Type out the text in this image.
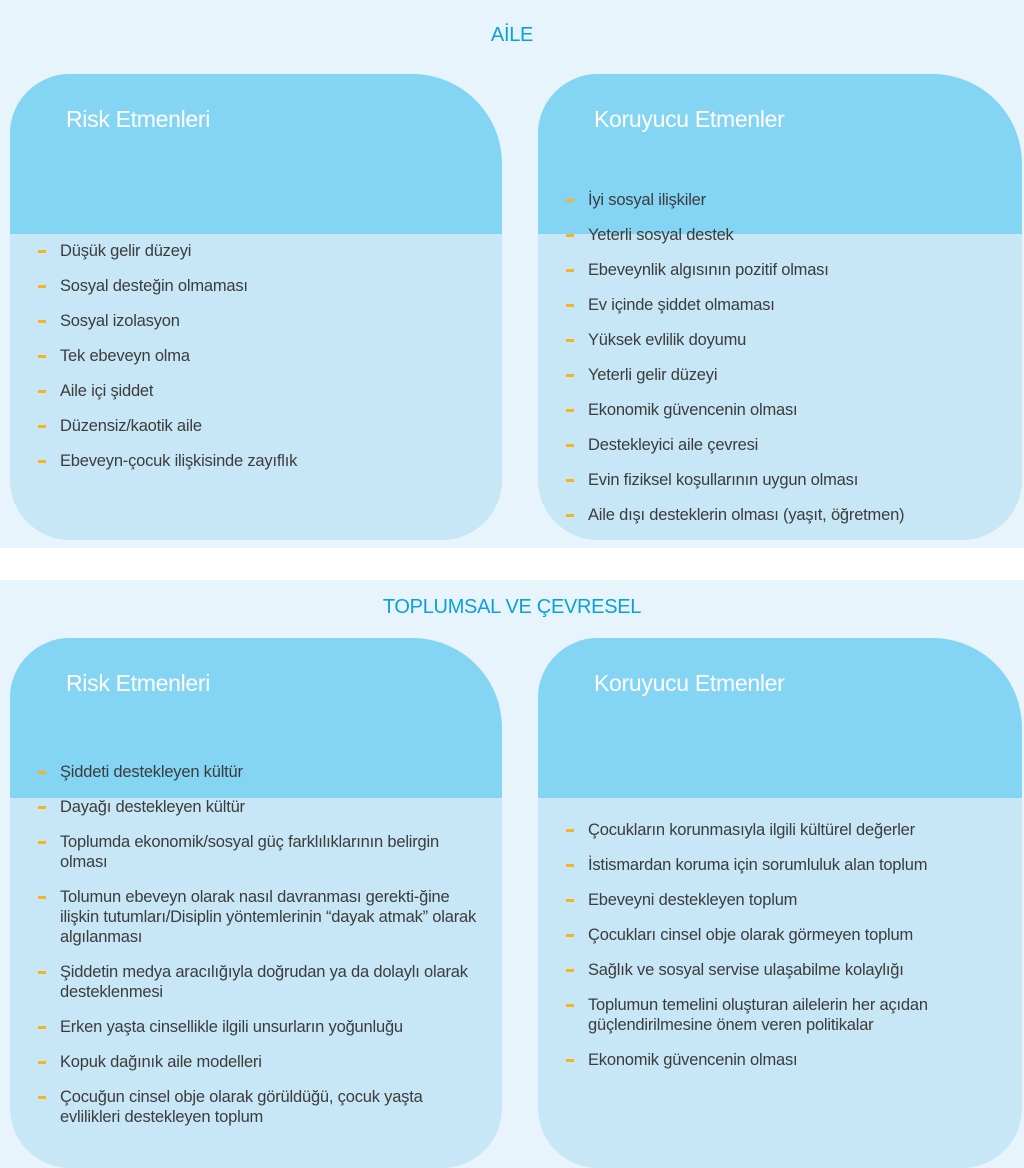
AİLE
Risk Etmenleri
Düşük gelir düzeyi
Sosyal desteğin olmaması
Sosyal izolasyon
Tek ebeveyn olma
Aile içi şiddet
Düzensiz/kaotik aile
Ebeveyn-çocuk ilişkisinde zayıflık
Koruyucu Etmenler
İyi sosyal ilişkiler
Yeterli sosyal destek
Ebeveynlik algısının pozitif olması
Ev içinde şiddet olmaması
Yüksek evlilik doyumu
Yeterli gelir düzeyi
Ekonomik güvencenin olması
Destekleyici aile çevresi
Evin fiziksel koşullarının uygun olması
Aile dışı desteklerin olması (yaşıt, öğretmen)
TOPLUMSAL VE ÇEVRESEL
Risk Etmenleri
Şiddeti destekleyen kültür
Dayağı destekleyen kültür
Toplumda ekonomik/sosyal güç farklılıklarının belirgin olması
Tolumun ebeveyn olarak nasıl davranması gerekti-ğine ilişkin tutumları/Disiplin yöntemlerinin “dayak atmak” olarak algılanması
Şiddetin medya aracılığıyla doğrudan ya da dolaylı olarak desteklenmesi
Erken yaşta cinsellikle ilgili unsurların yoğunluğu
Kopuk dağınık aile modelleri
Çocuğun cinsel obje olarak görüldüğü, çocuk yaşta evlilikleri destekleyen toplum
Koruyucu Etmenler
Çocukların korunmasıyla ilgili kültürel değerler
İstismardan koruma için sorumluluk alan toplum
Ebeveyni destekleyen toplum
Çocukları cinsel obje olarak görmeyen toplum
Sağlık ve sosyal servise ulaşabilme kolaylığı
Toplumun temelini oluşturan ailelerin her açıdan güçlendirilmesine önem veren politikalar
Ekonomik güvencenin olması
